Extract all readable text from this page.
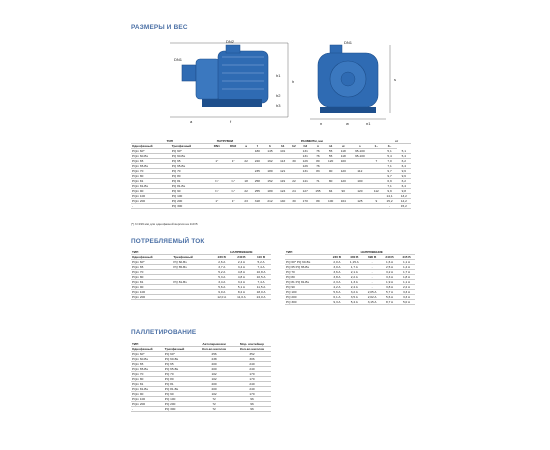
РАЗМЕРЫ И ВЕС
ПОТРЕБЛЯЕМЫЙ ТОК
ПАЛЛЕТИРОВАНИЕ
DN1
DN2
f
a
h1
h2
h3
h
DN1
w
n	n1
s
ТИП		ПАТРУБКИ		РАЗМЕРЫ, мм											кг	
Однофазный	Трехфазный	DN1	DN2	a	f	h	h1	h2	h3	n	n1	w	s	1~	3~	
PQm 60*	PQ 60*				180	145	101		131	76	55	118	95-100		5,1	5,1
PQm 60-Bs	PQ 60-Bs								131	76	55	118	95-100		5,4	5,4
PQm 65	PQ 65	1"	1"	22	220	162	113	30	126	80	120	100		7	7,0	6,2
PQm 65-Bs	PQ 65-Bs								126	76					7,1	6,4
PQm 70	PQ 70				235	180	121		131	83	90	120	112		9,7	9,6
PQm 80	PQ 80														9,7	9,6
PQm 81	PQ 81	¾"	¾"	18	258	152	119	22	141	71	80	120	100		6,9	6,2
PQm 81-Bs	PQ 81-Bs														7,1	6,4
PQm 90	PQ 90	¾"	¾"	22	255	180	124	24	127	155	84	90	120	112	9,9	9,8
PQm 100	PQ 100														14,1	13,2
PQm 200	PQ 200	1"	1"	23	318	212	140	30	170	89	100	164	125	9	15,2	14,2
-	PQ 300														-	15,2
(*) h=199 мм для однофазной версии на 110 В
ТИП		НАПРЯЖЕНИЕ		
Однофазный	Трехфазный	230 В	240 В	110 В
PQm 60*	PQ 60-Bs	2,6 A	2,4 A	5,2 A
PQm 65	PQ 65-Bs	3,7 A	3,4 A	7,4 A
PQm 70		5,2 A	4,8 A	10,8 A
PQm 80		5,3 A	4,8 A	10,5 A
PQm 81	PQ 81-Bs	3,4 A	3,2 A	7,4 A
PQm 90		5,6 A	5,1 A	11,5 A
PQm 100		9,0 A	8,2 A	18,0 A
PQm 200		12,0 A	11,0 A	24,0 A
ТИП	НАПРЯЖЕНИЕ				
	230 В	400 В	690 В	240 В	415 В
PQ 60* PQ 60-Bs	2,0 A	1,15 A	-	1,6 A	1,1 A
PQ 65 PQ 65-Bs	3,0 A	1,7 A	-	2,5 A	1,4 A
PQ 70	3,6 A	2,1 A	-	3,2 A	1,7 A
PQ 80	3,8 A	2,2 A	-	3,3 A	1,8 A
PQ 81 PQ 81-Bs	2,3 A	1,3 A	-	1,9 A	1,1 A
PQ 90	4,2 A	2,4 A	-	3,8 A	2,2 A
PQ 100	5,6 A	3,2 A	2,05 A	5,7 A	3,3 A
PQ 200	6,1 A	3,5 A	2,02 A	5,6 A	3,3 A
PQ 300	9,3 A	5,4 A	3,15 A	8,7 A	5,0 A
ТИП		Автоперевозки	Мор. контейнер
Однофазный	Трехфазный	Кол-во насосов	Кол-во насосов
PQm 60*	PQ 60*	256	352
PQm 60-Bs	PQ 60-Bs	238	306
PQm 65	PQ 65	200	240
PQm 65-Bs	PQ 65-Bs	200	240
PQm 70	PQ 70	102	170
PQm 80	PQ 80	102	170
PQm 81	PQ 81	200	240
PQm 81-Bs	PQ 81-Bs	200	240
PQm 90	PQ 90	102	170
PQm 100	PQ 100	72	96
PQm 200	PQ 200	72	96
-	PQ 300	72	96
